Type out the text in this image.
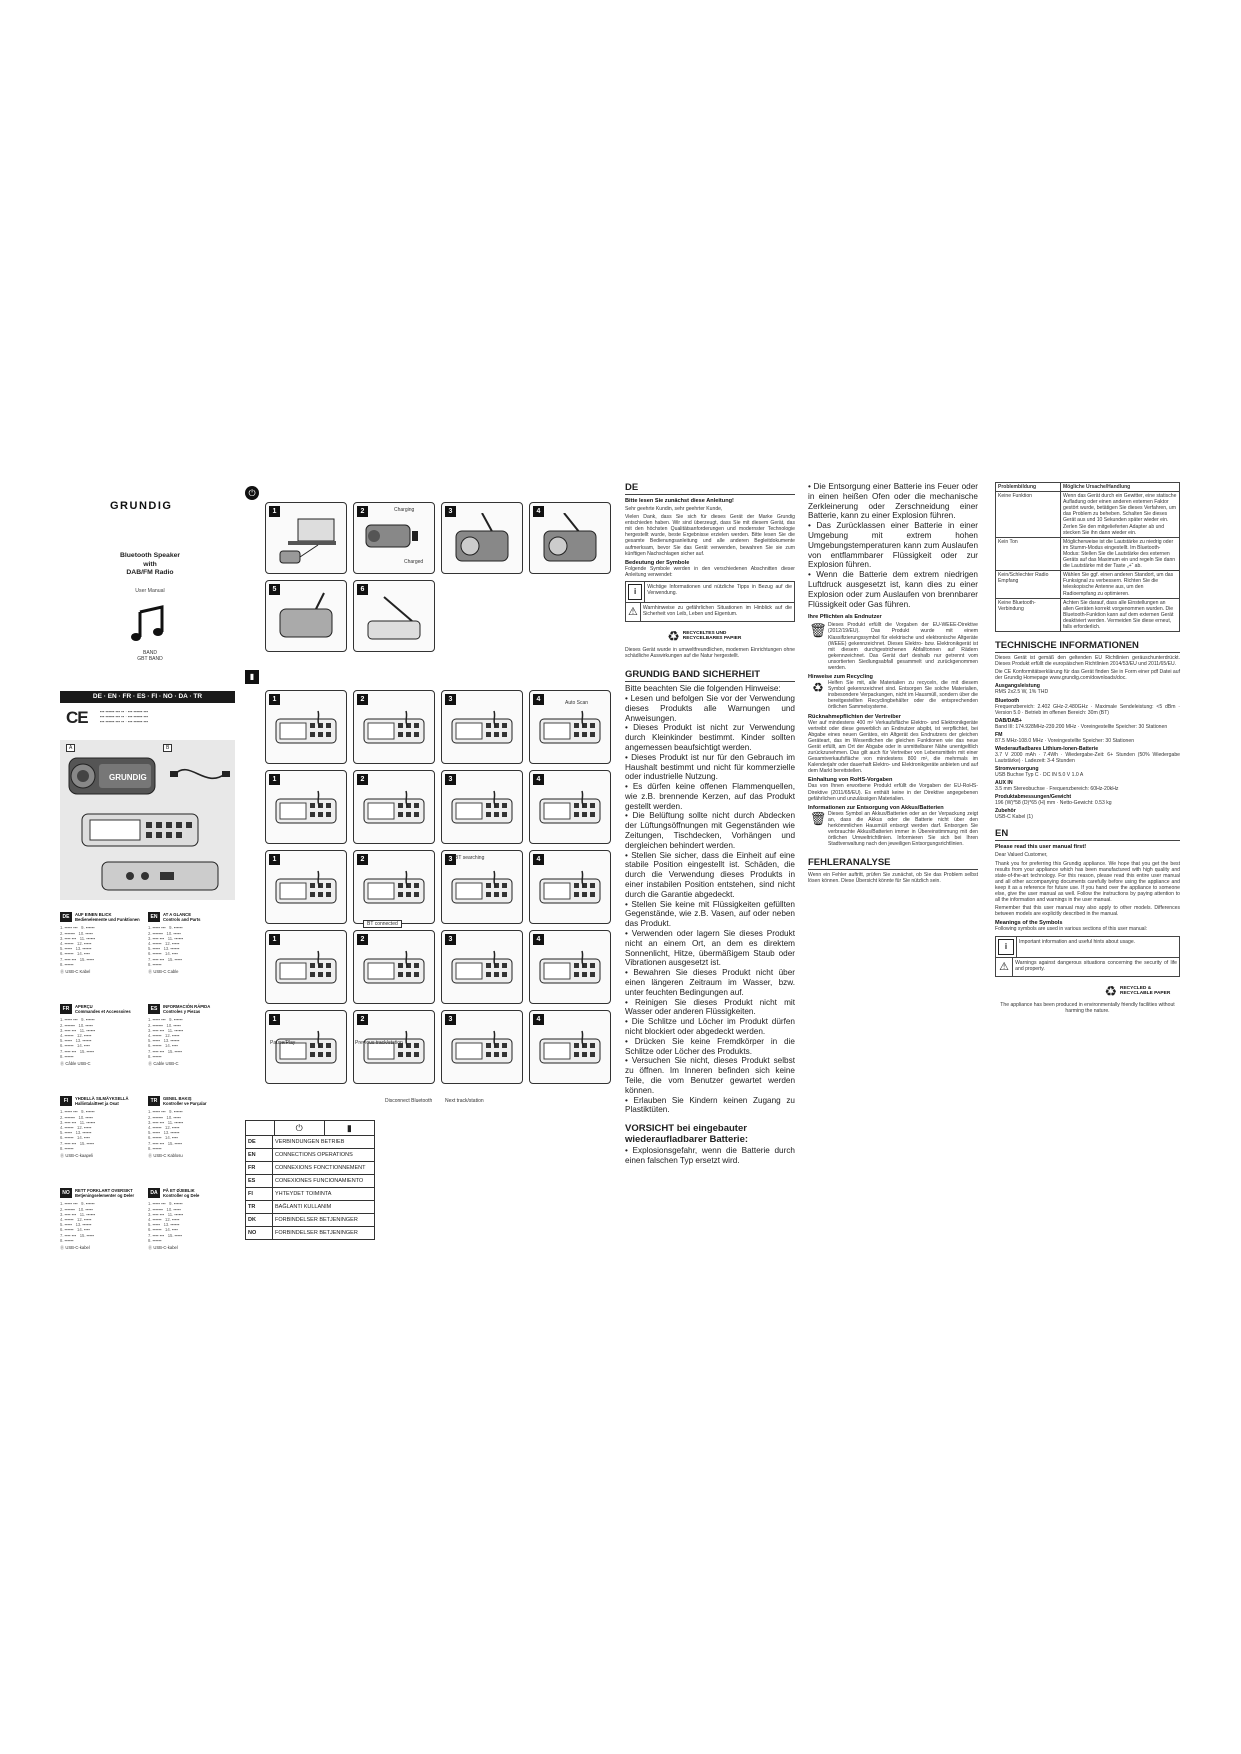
GRUNDIG
Bluetooth Speaker
with
DAB/FM Radio
User Manual
BAND
GBT BAND
DE · EN · FR · ES · FI · NO · DA · TR
CE	▪▪▪ ▪▪▪▪▪▪ ▪▪▪ ▪▪ · ▪▪▪ ▪▪▪▪▪▪ ▪▪▪
▪▪▪ ▪▪▪▪▪▪ ▪▪▪ ▪▪ · ▪▪▪ ▪▪▪▪▪▪ ▪▪▪
▪▪▪ ▪▪▪▪▪▪ ▪▪▪ ▪▪ · ▪▪▪ ▪▪▪▪▪▪ ▪▪▪
A	B
GRUNDIG
DE	AUF EINEN BLICK
Bedienelemente und Funktionen
1. ▪▪▪▪▪ ▪▪▪   9. ▪▪▪▪▪▪
2. ▪▪▪▪▪▪▪   10. ▪▪▪▪▪
3. ▪▪▪▪ ▪▪▪   11. ▪▪▪▪▪▪
4. ▪▪▪▪▪▪   12. ▪▪▪▪▪
5. ▪▪▪▪▪   13. ▪▪▪▪▪▪
6. ▪▪▪▪▪▪   14. ▪▪▪▪
7. ▪▪▪▪ ▪▪▪   15. ▪▪▪▪▪
8. ▪▪▪▪▪▪
Ⓑ USB-C Kabel
EN	AT A GLANCE
Controls and Parts
1. ▪▪▪▪▪ ▪▪▪   9. ▪▪▪▪▪▪
2. ▪▪▪▪▪▪▪   10. ▪▪▪▪▪
3. ▪▪▪▪ ▪▪▪   11. ▪▪▪▪▪▪
4. ▪▪▪▪▪▪   12. ▪▪▪▪▪
5. ▪▪▪▪▪   13. ▪▪▪▪▪▪
6. ▪▪▪▪▪▪   14. ▪▪▪▪
7. ▪▪▪▪ ▪▪▪   15. ▪▪▪▪▪
8. ▪▪▪▪▪▪
Ⓑ USB-C Cable
FR	APERÇU
Commandes et Accessoires
1. ▪▪▪▪▪ ▪▪▪   9. ▪▪▪▪▪▪
2. ▪▪▪▪▪▪▪   10. ▪▪▪▪▪
3. ▪▪▪▪ ▪▪▪   11. ▪▪▪▪▪▪
4. ▪▪▪▪▪▪   12. ▪▪▪▪▪
5. ▪▪▪▪▪   13. ▪▪▪▪▪▪
6. ▪▪▪▪▪▪   14. ▪▪▪▪
7. ▪▪▪▪ ▪▪▪   15. ▪▪▪▪▪
8. ▪▪▪▪▪▪
Ⓑ Câble USB-C
ES	INFORMACIÓN RÁPIDA
Controles y Piezas
1. ▪▪▪▪▪ ▪▪▪   9. ▪▪▪▪▪▪
2. ▪▪▪▪▪▪▪   10. ▪▪▪▪▪
3. ▪▪▪▪ ▪▪▪   11. ▪▪▪▪▪▪
4. ▪▪▪▪▪▪   12. ▪▪▪▪▪
5. ▪▪▪▪▪   13. ▪▪▪▪▪▪
6. ▪▪▪▪▪▪   14. ▪▪▪▪
7. ▪▪▪▪ ▪▪▪   15. ▪▪▪▪▪
8. ▪▪▪▪▪▪
Ⓑ Cable USB-C
FI	YHDELLÄ SILMÄYKSELLÄ
Hallintalaitteet ja Osat
1. ▪▪▪▪▪ ▪▪▪   9. ▪▪▪▪▪▪
2. ▪▪▪▪▪▪▪   10. ▪▪▪▪▪
3. ▪▪▪▪ ▪▪▪   11. ▪▪▪▪▪▪
4. ▪▪▪▪▪▪   12. ▪▪▪▪▪
5. ▪▪▪▪▪   13. ▪▪▪▪▪▪
6. ▪▪▪▪▪▪   14. ▪▪▪▪
7. ▪▪▪▪ ▪▪▪   15. ▪▪▪▪▪
8. ▪▪▪▪▪▪
Ⓑ USB-C-kaapeli
TR	GENEL BAKIŞ
Kontroller ve Parçalar
1. ▪▪▪▪▪ ▪▪▪   9. ▪▪▪▪▪▪
2. ▪▪▪▪▪▪▪   10. ▪▪▪▪▪
3. ▪▪▪▪ ▪▪▪   11. ▪▪▪▪▪▪
4. ▪▪▪▪▪▪   12. ▪▪▪▪▪
5. ▪▪▪▪▪   13. ▪▪▪▪▪▪
6. ▪▪▪▪▪▪   14. ▪▪▪▪
7. ▪▪▪▪ ▪▪▪   15. ▪▪▪▪▪
8. ▪▪▪▪▪▪
Ⓑ USB-C Kablosu
NO	RETT FORKLART OVERSIKT
Betjeningselementer og Deler
1. ▪▪▪▪▪ ▪▪▪   9. ▪▪▪▪▪▪
2. ▪▪▪▪▪▪▪   10. ▪▪▪▪▪
3. ▪▪▪▪ ▪▪▪   11. ▪▪▪▪▪▪
4. ▪▪▪▪▪▪   12. ▪▪▪▪▪
5. ▪▪▪▪▪   13. ▪▪▪▪▪▪
6. ▪▪▪▪▪▪   14. ▪▪▪▪
7. ▪▪▪▪ ▪▪▪   15. ▪▪▪▪▪
8. ▪▪▪▪▪▪
Ⓑ USB-C-kabel
DA	PÅ ET ØJEBLIK
Kontroller og Dele
1. ▪▪▪▪▪ ▪▪▪   9. ▪▪▪▪▪▪
2. ▪▪▪▪▪▪▪   10. ▪▪▪▪▪
3. ▪▪▪▪ ▪▪▪   11. ▪▪▪▪▪▪
4. ▪▪▪▪▪▪   12. ▪▪▪▪▪
5. ▪▪▪▪▪   13. ▪▪▪▪▪▪
6. ▪▪▪▪▪▪   14. ▪▪▪▪
7. ▪▪▪▪ ▪▪▪   15. ▪▪▪▪▪
8. ▪▪▪▪▪▪
Ⓑ USB-C-kabel
⏻
1	2	Charging
Charged
3	4
5	6
▮
1	2	3	4
1	2	3	4
1	2	3	4
1	2	3	4
1	2	3	4
Auto Scan
BT connected
BT searching
Pause/Play	Previous track/station
Next track/station
Disconnect Bluetooth
⏻	▮
DE	VERBINDUNGEN BETRIEB
EN	CONNECTIONS OPERATIONS
FR	CONNEXIONS FONCTIONNEMENT
ES	CONEXIONES FUNCIONAMIENTO
FI	YHTEYDET TOIMINTA
TR	BAĞLANTI KULLANIM
DK	FORBINDELSER BETJENINGER
NO	FORBINDELSER BETJENINGER
DE
Bitte lesen Sie zunächst diese Anleitung!
Sehr geehrte Kundin, sehr geehrter Kunde,
Vielen Dank, dass Sie sich für dieses Gerät der Marke Grundig entschieden haben. Wir sind überzeugt, dass Sie mit diesem Gerät, das mit den höchsten Qualitätsanforderungen und modernster Technologie hergestellt wurde, beste Ergebnisse erzielen werden. Bitte lesen Sie die gesamte Bedienungsanleitung und alle anderen Begleitdokumente aufmerksam, bevor Sie das Gerät verwenden, bewahren Sie sie zum künftigen Nachschlagen sicher auf.
Bedeutung der Symbole
Folgende Symbole werden in den verschiedenen Abschnitten dieser Anleitung verwendet:
i	Wichtige Informationen und nützliche Tipps in Bezug auf die Verwendung.
⚠ Warnhinweise zu gefährlichen Situationen im Hinblick auf die Sicherheit von Leib, Leben und Eigentum.
♻ RECYCELTES UND RECYCELBARES PAPIER
Dieses Gerät wurde in umweltfreundlichen, modernen Einrichtungen ohne schädliche Auswirkungen auf die Natur hergestellt.
GRUNDIG BAND SICHERHEIT
Bitte beachten Sie die folgenden Hinweise:
• Lesen und befolgen Sie vor der Verwendung dieses Produkts alle Warnungen und Anweisungen.
• Dieses Produkt ist nicht zur Verwendung durch Kleinkinder bestimmt. Kinder sollten angemessen beaufsichtigt werden.
• Dieses Produkt ist nur für den Gebrauch im Haushalt bestimmt und nicht für kommerzielle oder industrielle Nutzung.
• Es dürfen keine offenen Flammenquellen, wie z.B. brennende Kerzen, auf das Produkt gestellt werden.
• Die Belüftung sollte nicht durch Abdecken der Lüftungsöffnungen mit Gegenständen wie Zeitungen, Tischdecken, Vorhängen und dergleichen behindert werden.
• Stellen Sie sicher, dass die Einheit auf eine stabile Position eingestellt ist. Schäden, die durch die Verwendung dieses Produkts in einer instabilen Position entstehen, sind nicht durch die Garantie abgedeckt.
• Stellen Sie keine mit Flüssigkeiten gefüllten Gegenstände, wie z.B. Vasen, auf oder neben das Produkt.
• Verwenden oder lagern Sie dieses Produkt nicht an einem Ort, an dem es direktem Sonnenlicht, Hitze, übermäßigem Staub oder Vibrationen ausgesetzt ist.
• Bewahren Sie dieses Produkt nicht über einen längeren Zeitraum im Wasser, bzw. unter feuchten Bedingungen auf.
• Reinigen Sie dieses Produkt nicht mit Wasser oder anderen Flüssigkeiten.
• Die Schlitze und Löcher im Produkt dürfen nicht blockiert oder abgedeckt werden.
• Drücken Sie keine Fremdkörper in die Schlitze oder Löcher des Produkts.
• Versuchen Sie nicht, dieses Produkt selbst zu öffnen. Im Inneren befinden sich keine Teile, die vom Benutzer gewartet werden können.
• Erlauben Sie Kindern keinen Zugang zu Plastiktüten.
VORSICHT bei eingebauter wiederaufladbarer Batterie:
• Explosionsgefahr, wenn die Batterie durch einen falschen Typ ersetzt wird.
• Die Entsorgung einer Batterie ins Feuer oder in einen heißen Ofen oder die mechanische Zerkleinerung oder Zerschneidung einer Batterie, kann zu einer Explosion führen.
• Das Zurücklassen einer Batterie in einer Umgebung mit extrem hohen Umgebungstemperaturen kann zum Auslaufen von entflammbarer Flüssigkeit oder zur Explosion führen.
• Wenn die Batterie dem extrem niedrigen Luftdruck ausgesetzt ist, kann dies zu einer Explosion oder zum Auslaufen von brennbarer Flüssigkeit oder Gas führen.
Ihre Pflichten als Endnutzer
🗑 Dieses Produkt erfüllt die Vorgaben der EU-WEEE-Direktive (2012/19/EU). Das Produkt wurde mit einem Klassifizierungssymbol für elektrische und elektronische Altgeräte (WEEE) gekennzeichnet. Dieses Elektro- bzw. Elektronikgerät ist mit diesem durchgestrichenen Abfalltonnen auf Rädern gekennzeichnet. Das Gerät darf deshalb nur getrennt vom unsortierten Siedlungsabfall gesammelt und zurückgenommen werden.
Hinweise zum Recycling
♻ Helfen Sie mit, alle Materialien zu recyceln, die mit diesem Symbol gekennzeichnet sind. Entsorgen Sie solche Materialien, insbesondere Verpackungen, nicht im Hausmüll, sondern über die bereitgestellten Recyclingbehälter oder die entsprechenden örtlichen Sammelsysteme.
Rücknahmepflichten der Vertreiber
Wer auf mindestens 400 m² Verkaufsfläche Elektro- und Elektronikgeräte vertreibt oder diese gewerblich an Endnutzer abgibt, ist verpflichtet, bei Abgabe eines neuen Gerätes, ein Altgerät des Endnutzers der gleichen Geräteart, das im Wesentlichen die gleichen Funktionen wie das neue Gerät erfüllt, am Ort der Abgabe oder in unmittelbarer Nähe unentgeltlich zurückzunehmen. Das gilt auch für Vertreiber von Lebensmitteln mit einer Gesamtverkaufsfläche von mindestens 800 m², die mehrmals im Kalenderjahr oder dauerhaft Elektro- und Elektronikgeräte anbieten und auf dem Markt bereitstellen.
Einhaltung von RoHS-Vorgaben
Das von Ihnen erworbene Produkt erfüllt die Vorgaben der EU-RoHS-Direktive (2011/65/EU). Es enthält keine in der Direktive angegebenen gefährlichen und unzulässigen Materialien.
Informationen zur Entsorgung von Akkus/Batterien
🗑 Dieses Symbol an Akkus/Batterien oder an der Verpackung zeigt an, dass die Akkus oder die Batterie nicht über den herkömmlichen Hausmüll entsorgt werden darf. Entsorgen Sie verbrauchte Akkus/Batterien immer in Übereinstimmung mit den örtlichen Umweltrichtlinien. Informieren Sie sich bei Ihren Stadtverwaltung nach den jeweiligen Entsorgungsrichtlinien.
FEHLERANALYSE
Wenn ein Fehler auftritt, prüfen Sie zunächst, ob Sie das Problem selbst lösen können. Diese Übersicht könnte für Sie nützlich sein.
Problembildung	Mögliche Ursache/Handlung
Keine Funktion	Wenn das Gerät durch ein Gewitter, eine statische Aufladung oder einen anderen externen Faktor gestört wurde, betätigen Sie dieses Verfahren, um das Problem zu beheben. Schalten Sie dieses Gerät aus und 10 Sekunden später wieder ein. Zerlen Sie den mitgelieferten Adapter ab und stecken Sie ihn dann wieder ein.
Kein Ton	Möglicherweise ist die Lautstärke zu niedrig oder im Stumm-Modus eingestellt. Im Bluetooth-Modus: Stellen Sie die Lautstärke des externen Geräts auf das Maximum ein und regeln Sie dann die Lautstärke mit der Taste „+“ ab.
Kein/Schlechter Radio Empfang	Wählen Sie ggf. einen anderen Standort, um das Funksignal zu verbessern. Richten Sie die teleskopische Antenne aus, um den Radioempfang zu optimieren.
Keine Bluetooth-Verbindung	Achten Sie darauf, dass alle Einstellungen an allen Geräten korrekt vorgenommen wurden. Die Bluetooth-Funktion kann auf dem externen Gerät deaktiviert werden. Vermeiden Sie diese erneut, falls erforderlich.
TECHNISCHE INFORMATIONEN
Dieses Gerät ist gemäß den geltenden EU Richtlinien geräuschunterdrückt. Dieses Produkt erfüllt die europäischen Richtlinien 2014/53/EU und 2011/65/EU.
Die CE Konformitätserklärung für das Gerät finden Sie in Form einer pdf Datei auf der Grundig Homepage www.grundig.com/downloads/doc.
Ausgangsleistung
RMS 2x2.5 W, 1% THD
Bluetooth
Frequenzbereich: 2.402 GHz-2.480GHz · Maximale Sendeleistung: <5 dBm · Version 5.0 · Betrieb im offenen Bereich: 30m (BT)
DAB/DAB+
Band III: 174.928MHz-239.200 MHz · Voreingestellte Speicher: 30 Stationen
FM
87.5 MHz-108.0 MHz · Voreingestellte Speicher: 30 Stationen
Wiederaufladbares Lithium-Ionen-Batterie
3.7 V 2000 mAh · 7.4Wh · Wiedergabe-Zeit: 6+ Stunden (50% Wiedergabe Lautstärke) · Ladezeit: 3-4 Stunden
Stromversorgung
USB Buchse Typ C · DC IN 5.0 V 1.0 A
AUX IN
3.5 mm Stereobuchse · Frequenzbereich: 60Hz-20kHz
Produktabmessungen/Gewicht
196 (W)*58 (D)*65 (H) mm · Netto-Gewicht: 0.53 kg
Zubehör
USB-C Kabel (1)
EN
Please read this user manual first!
Dear Valued Customer,
Thank you for preferring this Grundig appliance. We hope that you get the best results from your appliance which has been manufactured with high quality and state-of-the-art technology. For this reason, please read this entire user manual and all other accompanying documents carefully before using the appliance and keep it as a reference for future use. If you hand over the appliance to someone else, give the user manual as well. Follow the instructions by paying attention to all the information and warnings in the user manual.
Remember that this user manual may also apply to other models. Differences between models are explicitly described in the manual.
Meanings of the Symbols
Following symbols are used in various sections of this user manual:
i	Important information and useful hints about usage.
⚠	Warnings against dangerous situations concerning the security of life and property.
♻ RECYCLED & RECYCLABLE PAPER
The appliance has been produced in environmentally friendly facilities without harming the nature.
